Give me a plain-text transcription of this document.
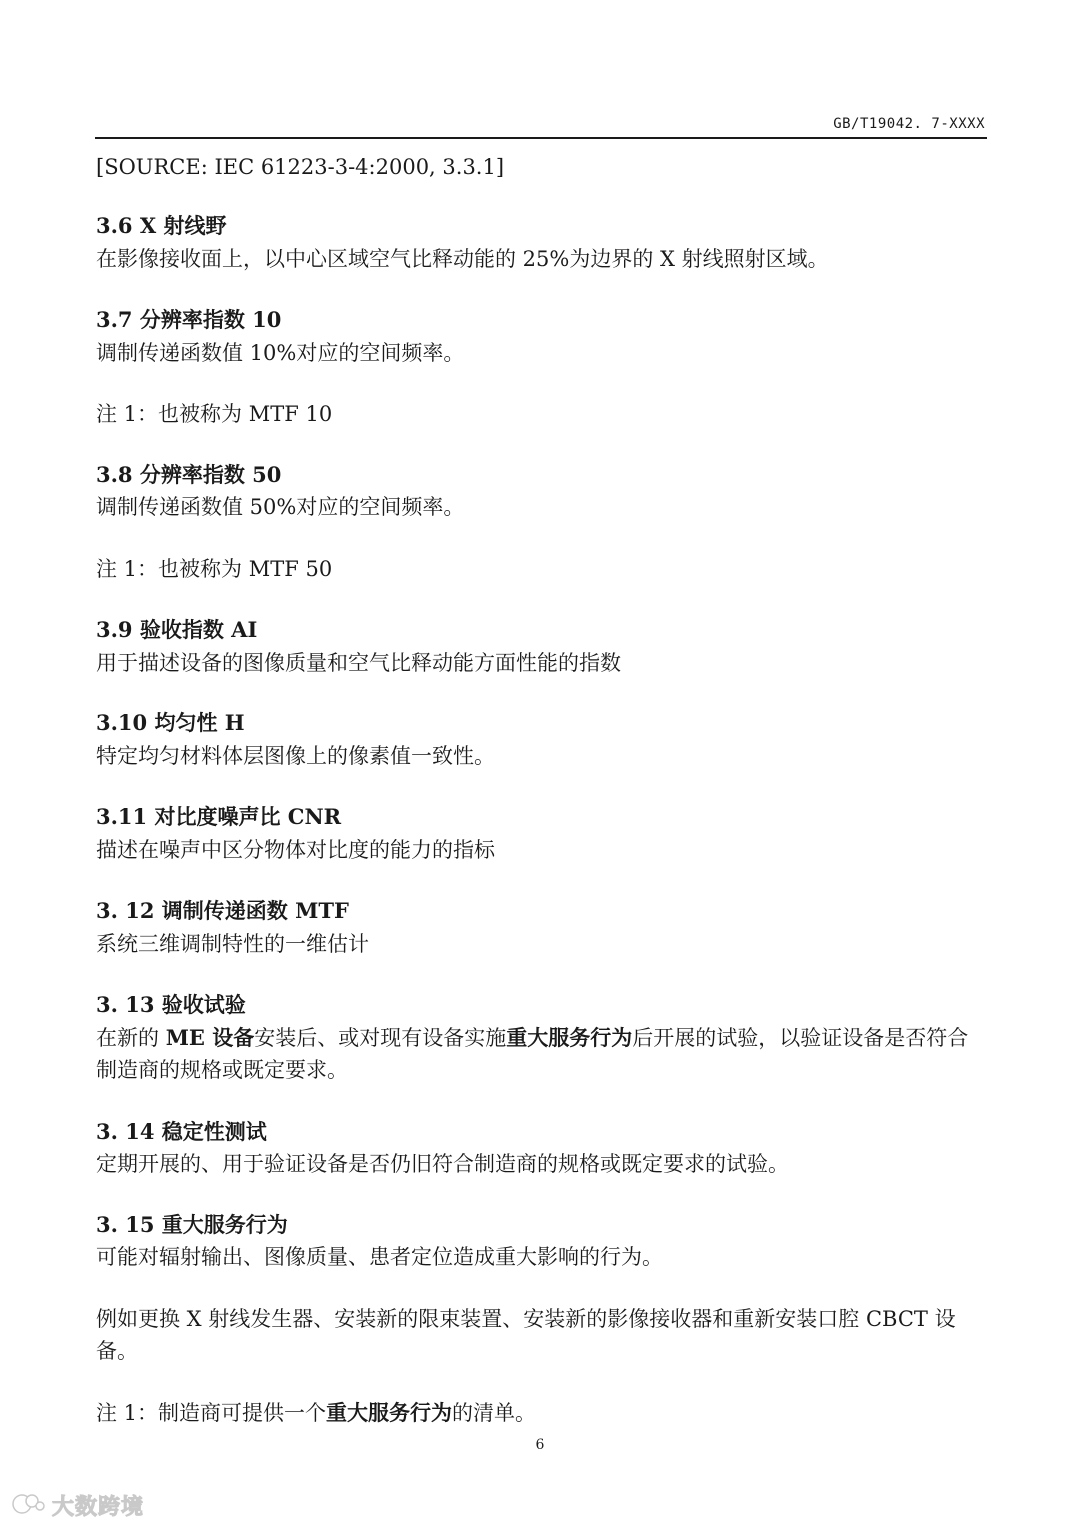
GB/T19042. 7-XXXX
[SOURCE: IEC 61223-3-4:2000, 3.3.1]
3.6 X 射线野
在影像接收面上，以中心区域空气比释动能的 25%为边界的 X 射线照射区域。
3.7 分辨率指数 10
调制传递函数值 10%对应的空间频率。
注 1：也被称为 MTF 10
3.8 分辨率指数 50
调制传递函数值 50%对应的空间频率。
注 1：也被称为 MTF 50
3.9 验收指数 AI
用于描述设备的图像质量和空气比释动能方面性能的指数
3.10 均匀性 H
特定均匀材料体层图像上的像素值一致性。
3.11 对比度噪声比 CNR
描述在噪声中区分物体对比度的能力的指标
3. 12 调制传递函数 MTF
系统三维调制特性的一维估计
3. 13 验收试验
在新的 ME 设备安装后、或对现有设备实施重大服务行为后开展的试验，以验证设备是否符合
制造商的规格或既定要求。
3. 14 稳定性测试
定期开展的、用于验证设备是否仍旧符合制造商的规格或既定要求的试验。
3. 15 重大服务行为
可能对辐射输出、图像质量、患者定位造成重大影响的行为。
例如更换 X 射线发生器、安装新的限束装置、安装新的影像接收器和重新安装口腔 CBCT 设
备。
注 1：制造商可提供一个重大服务行为的清单。
6
大数跨境
